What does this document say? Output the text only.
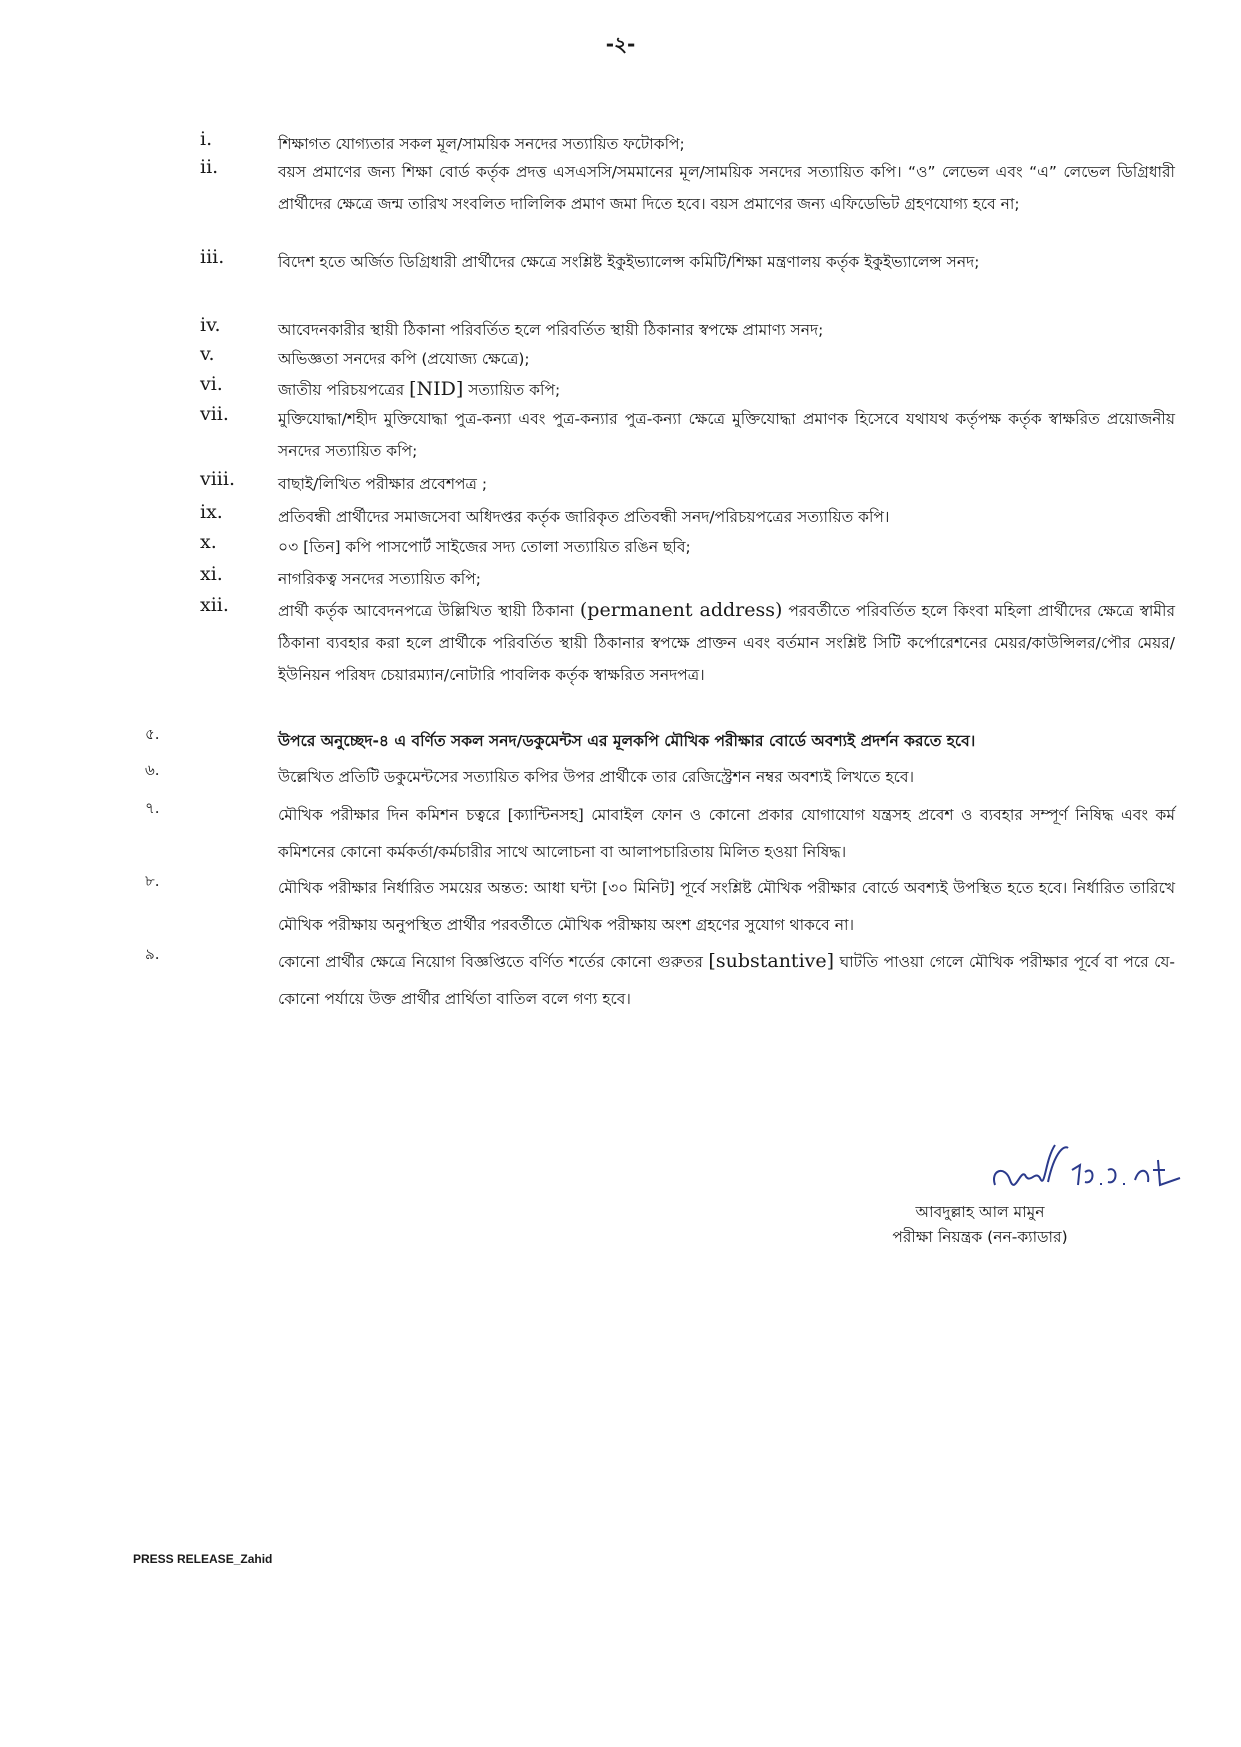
-২-
i.	শিক্ষাগত যোগ্যতার সকল মূল/সাময়িক সনদের সত্যায়িত ফটোকপি;
ii.	বয়স প্রমাণের জন্য শিক্ষা বোর্ড কর্তৃক প্রদত্ত এসএসসি/সমমানের মূল/সাময়িক সনদের সত্যায়িত কপি। “ও” লেভেল এবং “এ” লেভেল ডিগ্রিধারী প্রার্থীদের ক্ষেত্রে জন্ম তারিখ সংবলিত দালিলিক প্রমাণ জমা দিতে হবে। বয়স প্রমাণের জন্য এফিডেভিট গ্রহণযোগ্য হবে না;
iii.	বিদেশ হতে অর্জিত ডিগ্রিধারী প্রার্থীদের ক্ষেত্রে সংশ্লিষ্ট ইকুইভ্যালেন্স কমিটি/শিক্ষা মন্ত্রণালয় কর্তৃক ইকুইভ্যালেন্স সনদ;
iv.	আবেদনকারীর স্থায়ী ঠিকানা পরিবর্তিত হলে পরিবর্তিত স্থায়ী ঠিকানার স্বপক্ষে প্রামাণ্য সনদ;
v.	অভিজ্ঞতা সনদের কপি (প্রযোজ্য ক্ষেত্রে);
vi.	জাতীয় পরিচয়পত্রের [NID] সত্যায়িত কপি;
vii.	মুক্তিযোদ্ধা/শহীদ মুক্তিযোদ্ধা পুত্র-কন্যা এবং পুত্র-কন্যার পুত্র-কন্যা ক্ষেত্রে মুক্তিযোদ্ধা প্রমাণক হিসেবে যথাযথ কর্তৃপক্ষ কর্তৃক স্বাক্ষরিত প্রয়োজনীয় সনদের সত্যায়িত কপি;
viii.	বাছাই/লিখিত পরীক্ষার প্রবেশপত্র ;
ix.	প্রতিবন্ধী প্রার্থীদের সমাজসেবা অধিদপ্তর কর্তৃক জারিকৃত প্রতিবন্ধী সনদ/পরিচয়পত্রের সত্যায়িত কপি।
x.	০৩ [তিন] কপি পাসপোর্ট সাইজের সদ্য তোলা সত্যায়িত রঙিন ছবি;
xi.	নাগরিকত্ব সনদের সত্যায়িত কপি;
xii.	প্রার্থী কর্তৃক আবেদনপত্রে উল্লিখিত স্থায়ী ঠিকানা (permanent address) পরবর্তীতে পরিবর্তিত হলে কিংবা মহিলা প্রার্থীদের ক্ষেত্রে স্বামীর ঠিকানা ব্যবহার করা হলে প্রার্থীকে পরিবর্তিত স্থায়ী ঠিকানার স্বপক্ষে প্রাক্তন এবং বর্তমান সংশ্লিষ্ট সিটি কর্পোরেশনের মেয়র/কাউন্সিলর/পৌর মেয়র/ইউনিয়ন পরিষদ চেয়ারম্যান/নোটারি পাবলিক কর্তৃক স্বাক্ষরিত সনদপত্র।
৫.	উপরে অনুচ্ছেদ-৪ এ বর্ণিত সকল সনদ/ডকুমেন্টস এর মূলকপি মৌখিক পরীক্ষার বোর্ডে অবশ্যই প্রদর্শন করতে হবে।
৬.	উল্লেখিত প্রতিটি ডকুমেন্টসের সত্যায়িত কপির উপর প্রার্থীকে তার রেজিস্ট্রেশন নম্বর অবশ্যই লিখতে হবে।
৭.	মৌখিক পরীক্ষার দিন কমিশন চত্বরে [ক্যান্টিনসহ] মোবাইল ফোন ও কোনো প্রকার যোগাযোগ যন্ত্রসহ প্রবেশ ও ব্যবহার সম্পূর্ণ নিষিদ্ধ এবং কর্ম কমিশনের কোনো কর্মকর্তা/কর্মচারীর সাথে আলোচনা বা আলাপচারিতায় মিলিত হওয়া নিষিদ্ধ।
৮.	মৌখিক পরীক্ষার নির্ধারিত সময়ের অন্তত: আধা ঘন্টা [৩০ মিনিট] পূর্বে সংশ্লিষ্ট মৌখিক পরীক্ষার বোর্ডে অবশ্যই উপস্থিত হতে হবে। নির্ধারিত তারিখে মৌখিক পরীক্ষায় অনুপস্থিত প্রার্থীর পরবর্তীতে মৌখিক পরীক্ষায় অংশ গ্রহণের সুযোগ থাকবে না।
৯.	কোনো প্রার্থীর ক্ষেত্রে নিয়োগ বিজ্ঞপ্তিতে বর্ণিত শর্তের কোনো গুরুতর [substantive] ঘাটতি পাওয়া গেলে মৌখিক পরীক্ষার পূর্বে বা পরে যে-কোনো পর্যায়ে উক্ত প্রার্থীর প্রার্থিতা বাতিল বলে গণ্য হবে।
আবদুল্লাহ আল মামুন
পরীক্ষা নিয়ন্ত্রক (নন-ক্যাডার)
PRESS RELEASE_Zahid
